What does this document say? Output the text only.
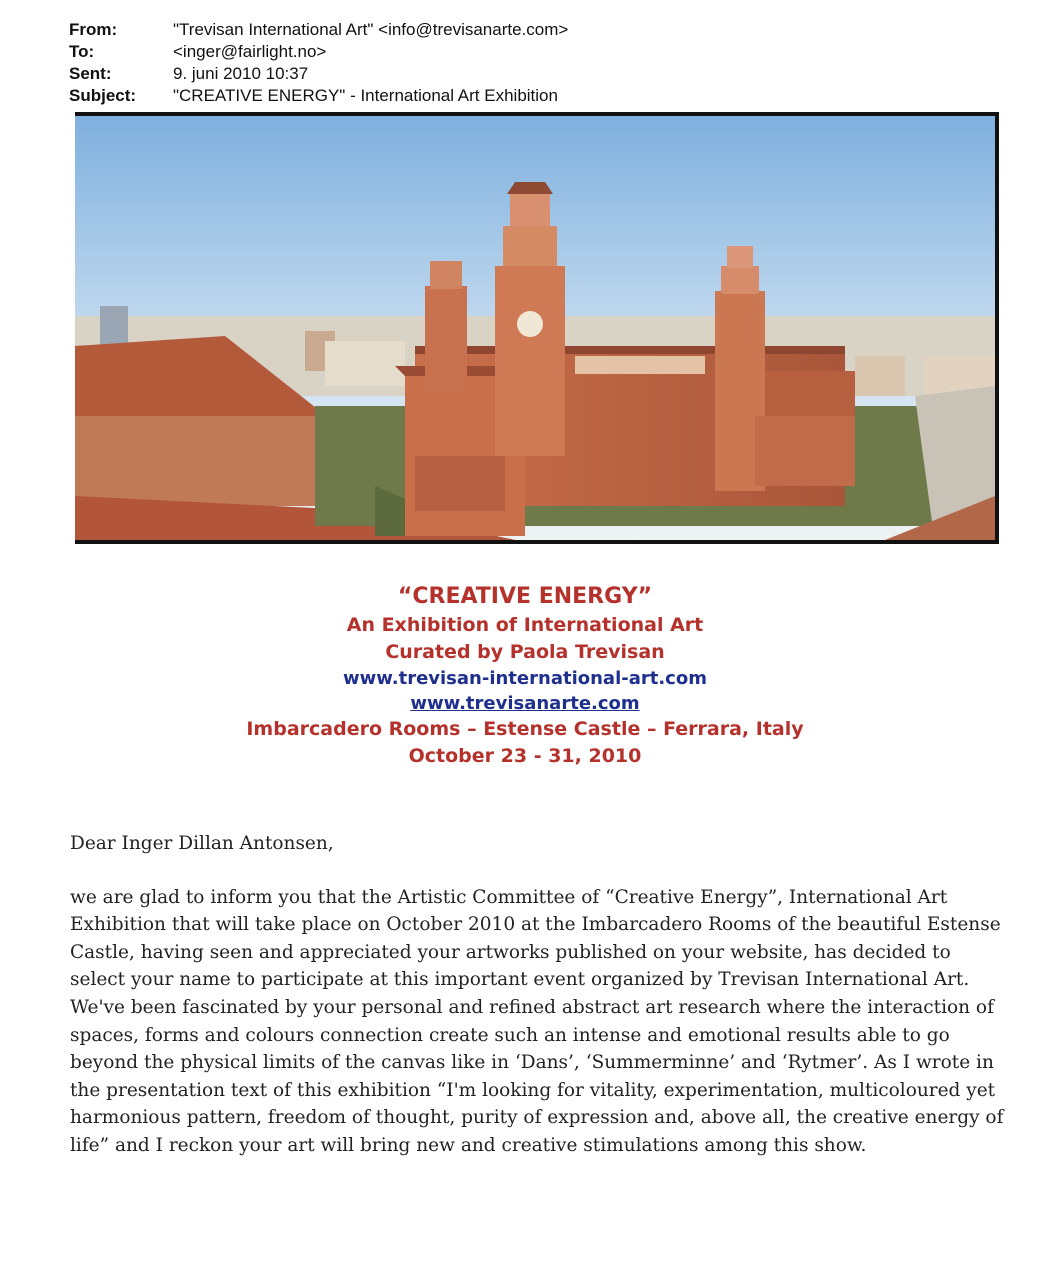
From:	"Trevisan International Art" <info@trevisanarte.com>
To:	<inger@fairlight.no>
Sent:	9. juni 2010 10:37
Subject:	"CREATIVE ENERGY" - International Art Exhibition
“CREATIVE ENERGY”
An Exhibition of International Art
Curated by Paola Trevisan
www.trevisan-international-art.com
www.trevisanarte.com
Imbarcadero Rooms – Estense Castle – Ferrara, Italy
October 23 - 31, 2010

Dear Inger Dillan Antonsen,

we are glad to inform you that the Artistic Committee of “Creative Energy”, International Art Exhibition that will take place on October 2010 at the Imbarcadero Rooms of the beautiful Estense Castle, having seen and appreciated your artworks published on your website, has decided to select your name to participate at this important event organized by Trevisan International Art.

We've been fascinated by your personal and refined abstract art research where the interaction of spaces, forms and colours connection create such an intense and emotional results able to go beyond the physical limits of the canvas like in ‘Dans’, ‘Summerminne’ and ‘Rytmer’. As I wrote in the presentation text of this exhibition “I'm looking for vitality, experimentation, multicoloured yet harmonious pattern, freedom of thought, purity of expression and, above all, the creative energy of life” and I reckon your art will bring new and creative stimulations among this show.
